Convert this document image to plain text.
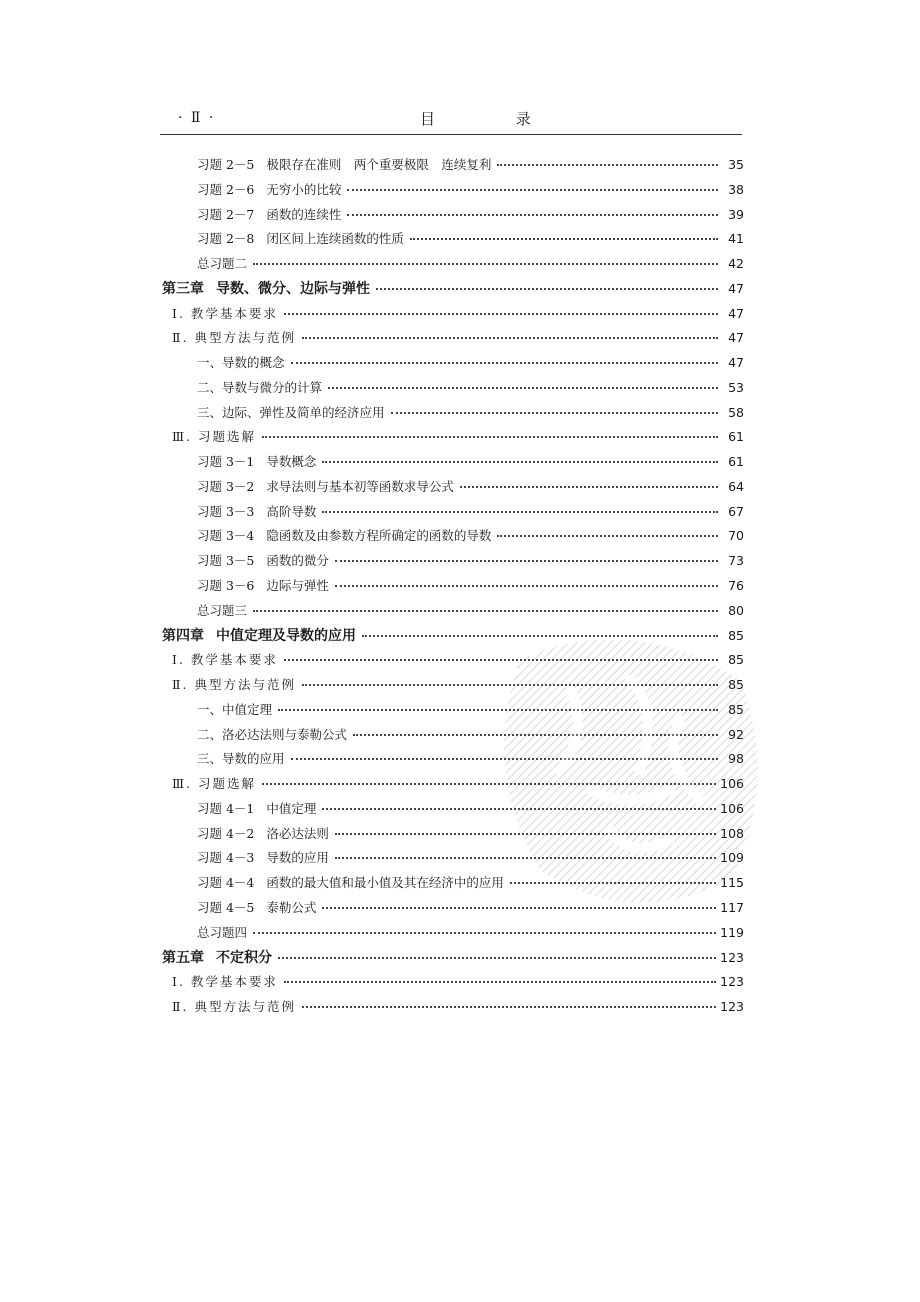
· Ⅱ ·	目 录
习题 2－5 极限存在准则　两个重要极限　连续复利	35
习题 2－6 无穷小的比较	38
习题 2－7 函数的连续性	39
习题 2－8 闭区间上连续函数的性质	41
总习题二	42
第三章 导数、微分、边际与弹性	47
Ⅰ. 教学基本要求	47
Ⅱ. 典型方法与范例	47
一、导数的概念	47
二、导数与微分的计算	53
三、边际、弹性及简单的经济应用	58
Ⅲ. 习题选解	61
习题 3－1 导数概念	61
习题 3－2 求导法则与基本初等函数求导公式	64
习题 3－3 高阶导数	67
习题 3－4 隐函数及由参数方程所确定的函数的导数	70
习题 3－5 函数的微分	73
习题 3－6 边际与弹性	76
总习题三	80
第四章 中值定理及导数的应用	85
Ⅰ. 教学基本要求	85
Ⅱ. 典型方法与范例	85
一、中值定理	85
二、洛必达法则与泰勒公式	92
三、导数的应用	98
Ⅲ. 习题选解	106
习题 4－1 中值定理	106
习题 4－2 洛必达法则	108
习题 4－3 导数的应用	109
习题 4－4 函数的最大值和最小值及其在经济中的应用	115
习题 4－5 泰勒公式	117
总习题四	119
第五章 不定积分	123
Ⅰ. 教学基本要求	123
Ⅱ. 典型方法与范例	123
